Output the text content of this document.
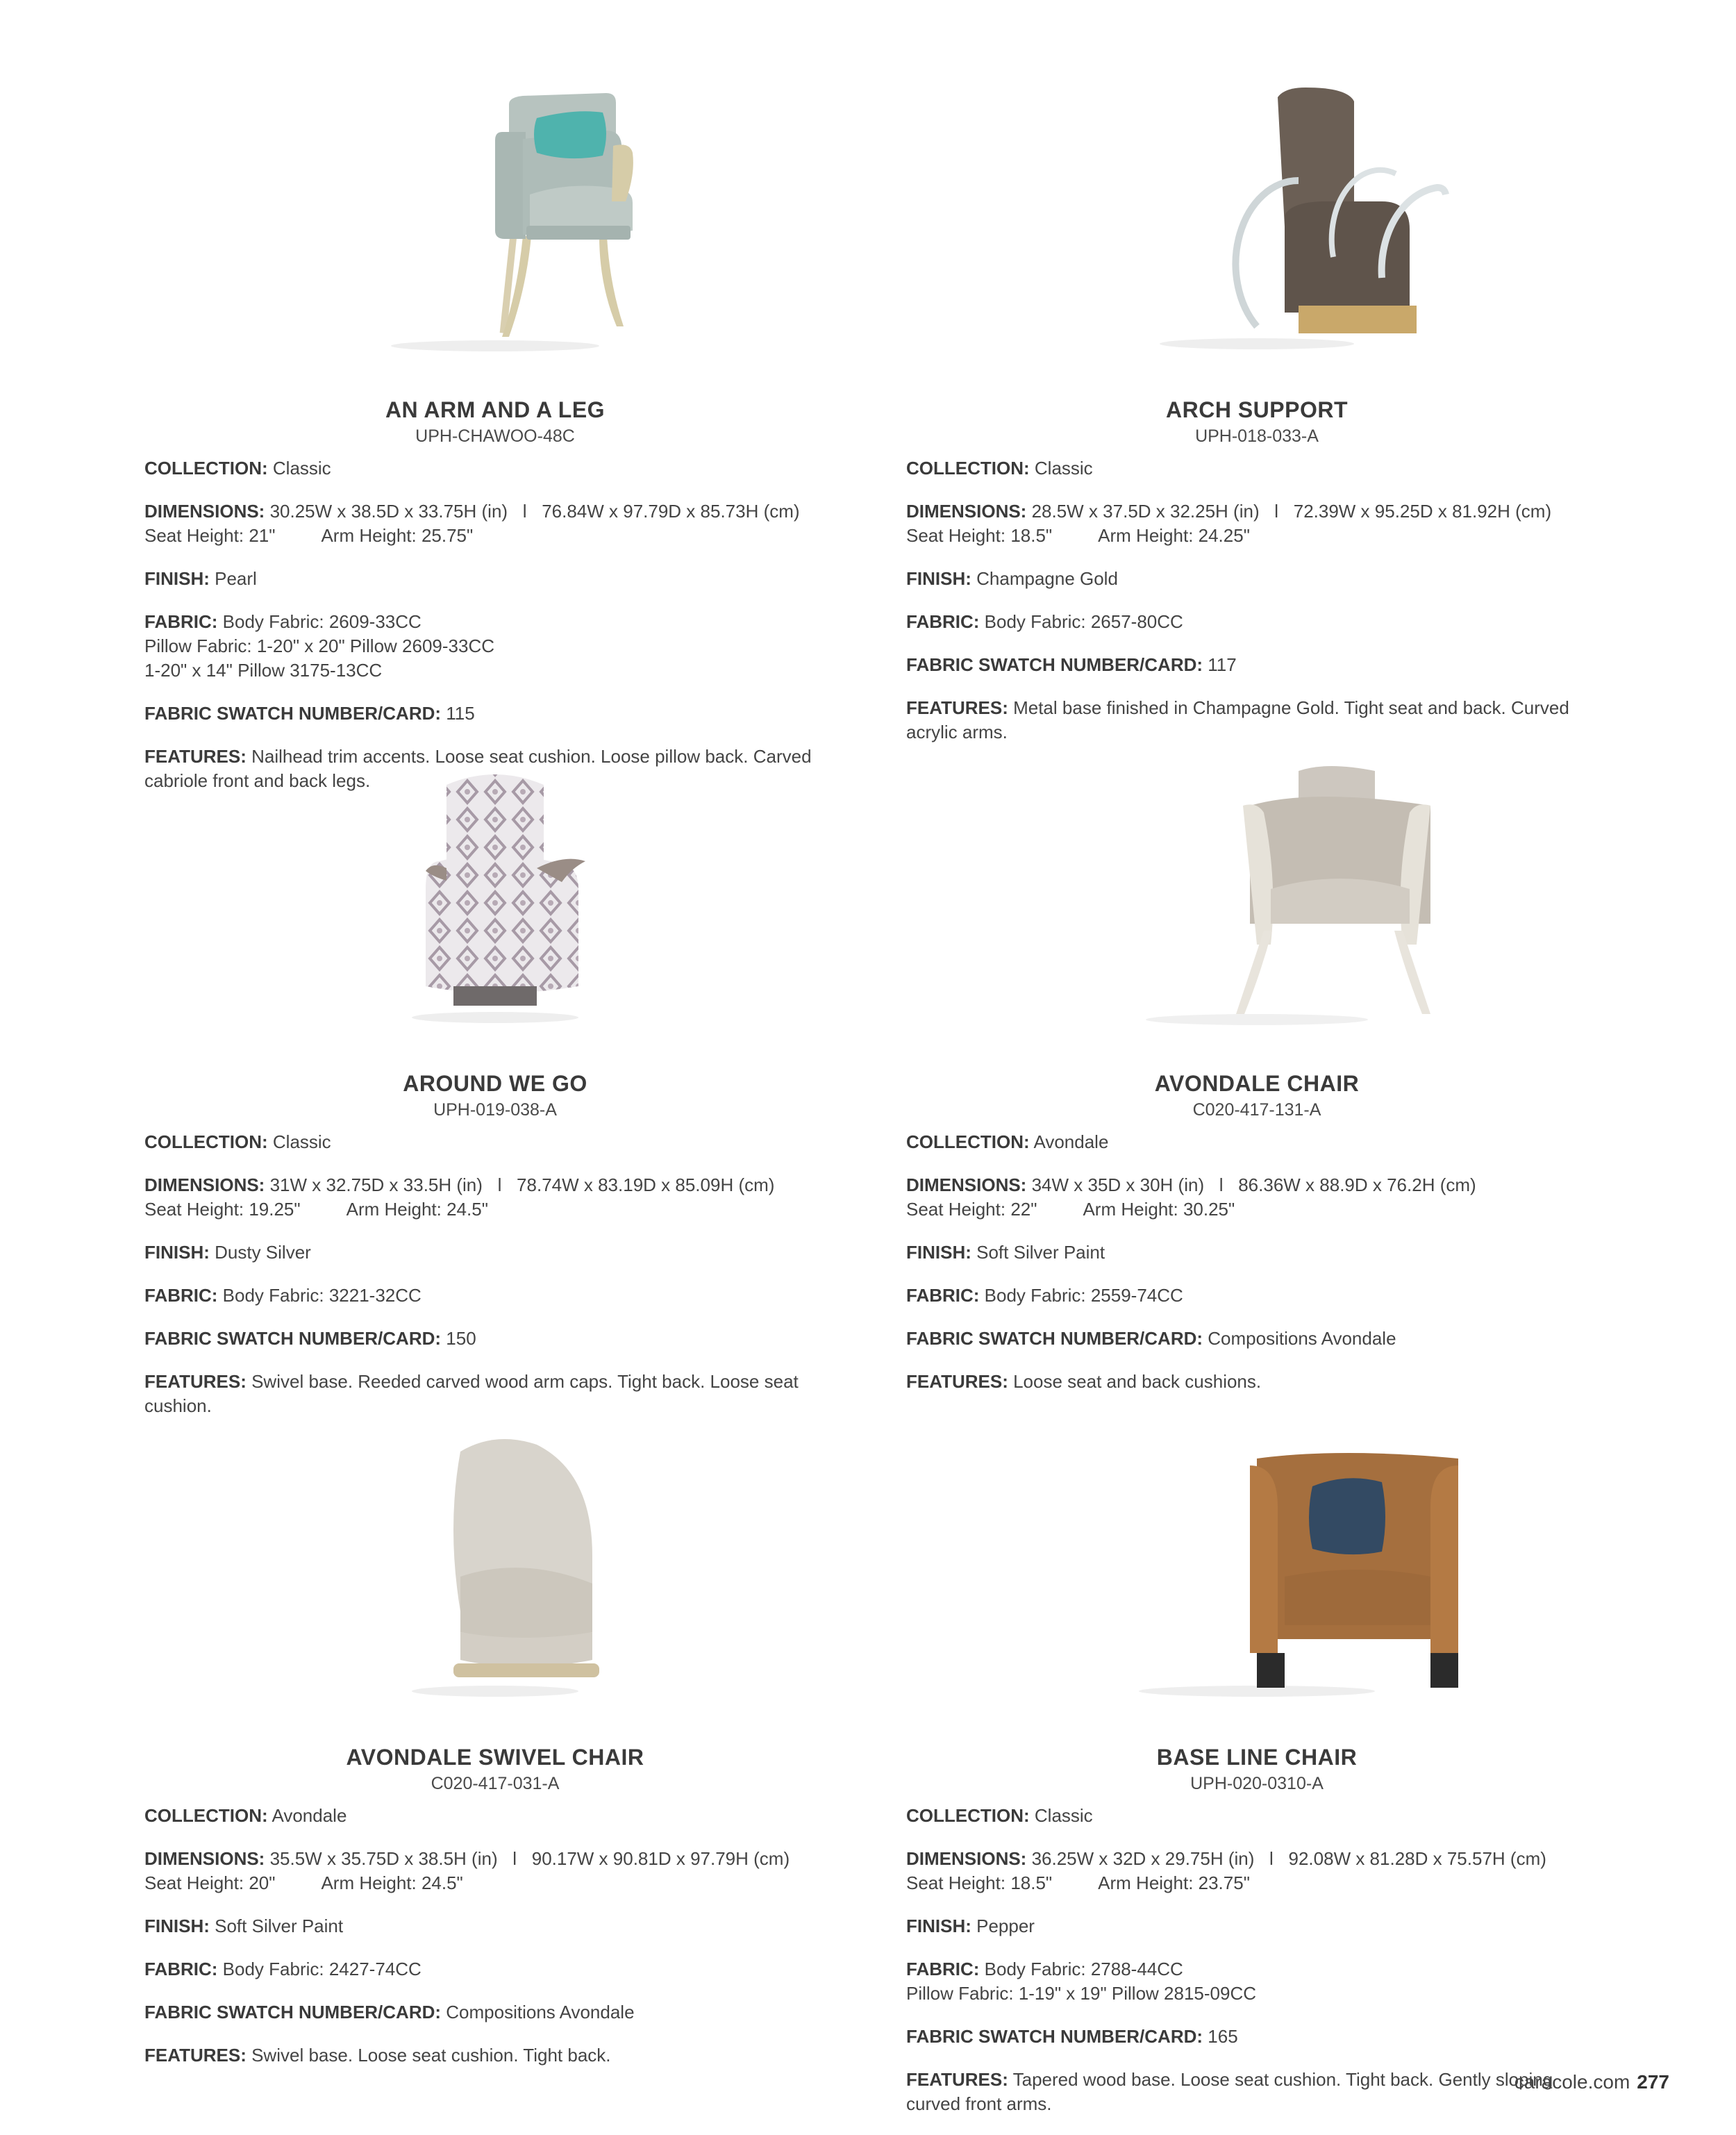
AN ARM AND A LEG
UPH-CHAWOO-48C
COLLECTION: Classic
DIMENSIONS: 30.25W x 38.5D x 33.75H (in)   l   76.84W x 97.79D x 85.73H (cm)
Seat Height: 21"	Arm Height: 25.75"
FINISH: Pearl
FABRIC: Body Fabric: 2609-33CC
Pillow Fabric: 1-20" x 20" Pillow 2609-33CC
1-20" x 14" Pillow 3175-13CC
FABRIC SWATCH NUMBER/CARD: 115
FEATURES: Nailhead trim accents. Loose seat cushion. Loose pillow back. Carved cabriole front and back legs.
ARCH SUPPORT
UPH-018-033-A
COLLECTION: Classic
DIMENSIONS: 28.5W x 37.5D x 32.25H (in)   l   72.39W x 95.25D x 81.92H (cm)
Seat Height: 18.5"	Arm Height: 24.25"
FINISH: Champagne Gold
FABRIC: Body Fabric: 2657-80CC
FABRIC SWATCH NUMBER/CARD: 117
FEATURES: Metal base finished in Champagne Gold. Tight seat and back. Curved acrylic arms.
AROUND WE GO
UPH-019-038-A
COLLECTION: Classic
DIMENSIONS: 31W x 32.75D x 33.5H (in)   l   78.74W x 83.19D x 85.09H (cm)
Seat Height: 19.25"	Arm Height: 24.5"
FINISH: Dusty Silver
FABRIC: Body Fabric: 3221-32CC
FABRIC SWATCH NUMBER/CARD: 150
FEATURES: Swivel base. Reeded carved wood arm caps. Tight back. Loose seat cushion.
AVONDALE CHAIR
C020-417-131-A
COLLECTION: Avondale
DIMENSIONS: 34W x 35D x 30H (in)   l   86.36W x 88.9D x 76.2H (cm)
Seat Height: 22"	Arm Height: 30.25"
FINISH: Soft Silver Paint
FABRIC: Body Fabric: 2559-74CC
FABRIC SWATCH NUMBER/CARD: Compositions Avondale
FEATURES: Loose seat and back cushions.
AVONDALE SWIVEL CHAIR
C020-417-031-A
COLLECTION: Avondale
DIMENSIONS: 35.5W x 35.75D x 38.5H (in)   l   90.17W x 90.81D x 97.79H (cm)
Seat Height: 20"	Arm Height: 24.5"
FINISH: Soft Silver Paint
FABRIC: Body Fabric: 2427-74CC
FABRIC SWATCH NUMBER/CARD: Compositions Avondale
FEATURES: Swivel base. Loose seat cushion. Tight back.
BASE LINE CHAIR
UPH-020-0310-A
COLLECTION: Classic
DIMENSIONS: 36.25W x 32D x 29.75H (in)   l   92.08W x 81.28D x 75.57H (cm)
Seat Height: 18.5"	Arm Height: 23.75"
FINISH: Pepper
FABRIC: Body Fabric: 2788-44CC
Pillow Fabric: 1-19" x 19" Pillow 2815-09CC
FABRIC SWATCH NUMBER/CARD: 165
FEATURES: Tapered wood base. Loose seat cushion. Tight back. Gently sloping curved front arms.
caracole.com 277
